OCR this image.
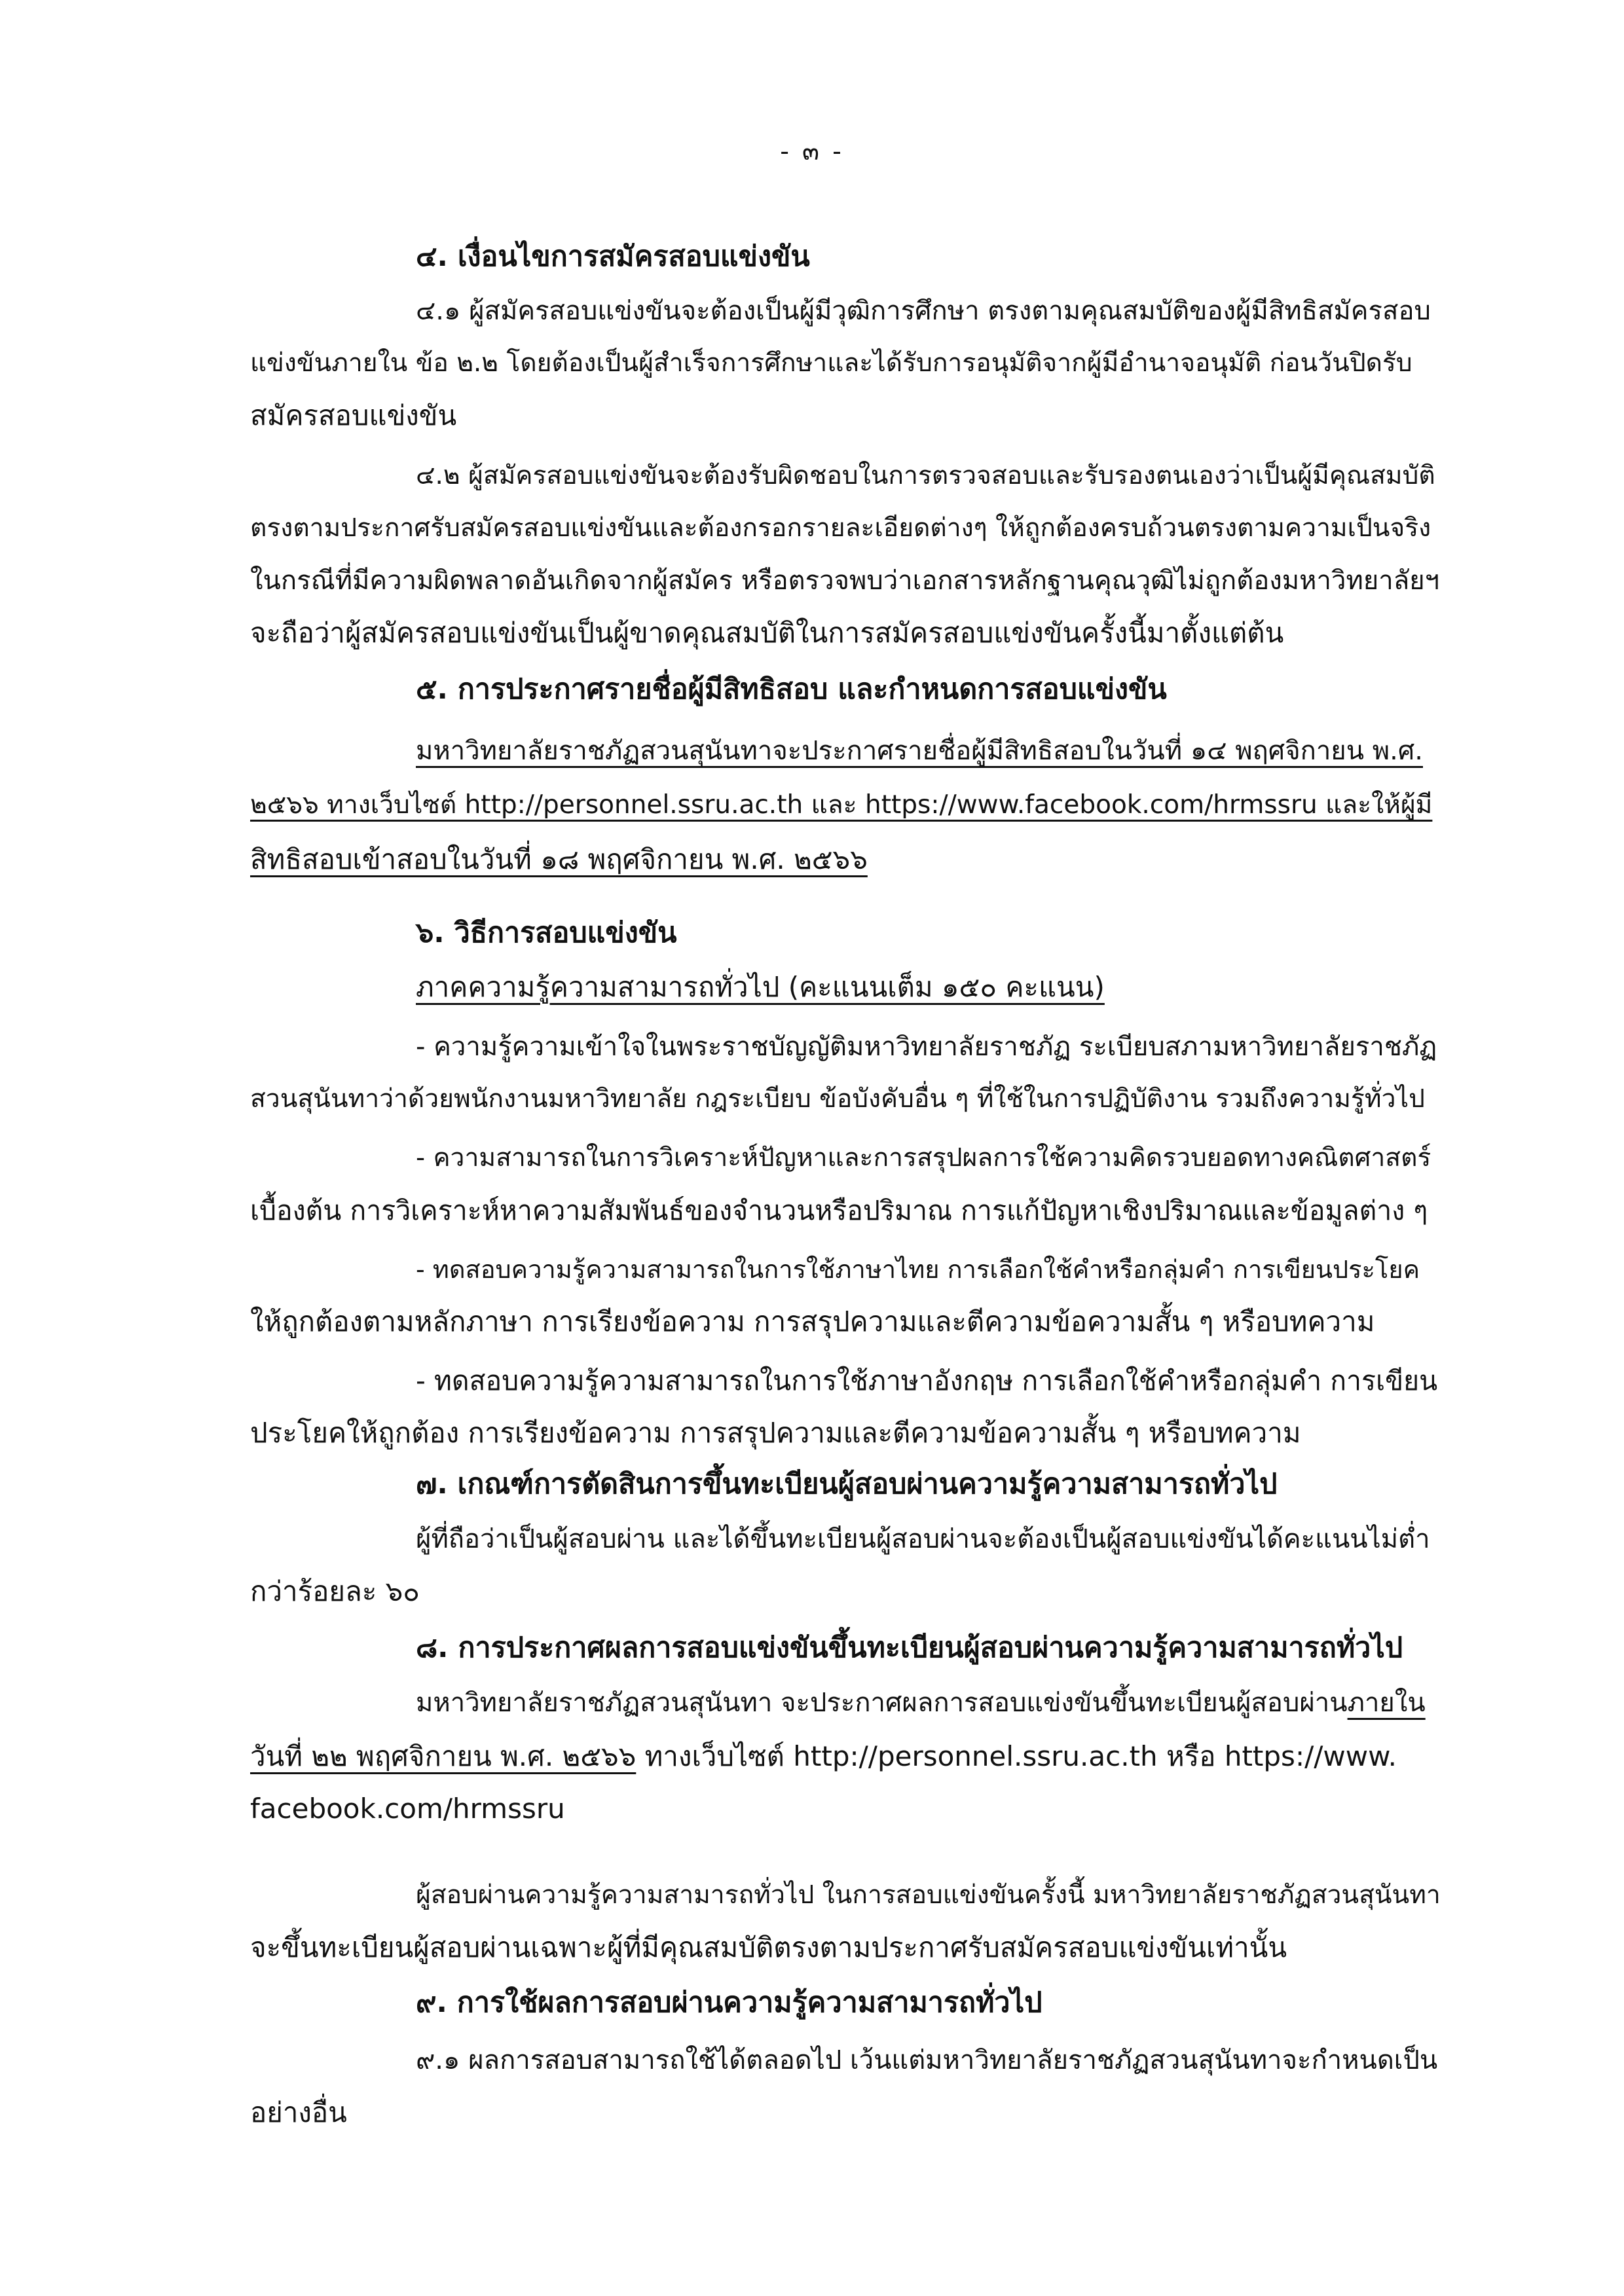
- ๓ -
๔. เงื่อนไขการสมัครสอบแข่งขัน
๔.๑ ผู้สมัครสอบแข่งขันจะต้องเป็นผู้มีวุฒิการศึกษา ตรงตามคุณสมบัติของผู้มีสิทธิสมัครสอบ
แข่งขันภายใน ข้อ ๒.๒ โดยต้องเป็นผู้สำเร็จการศึกษาและได้รับการอนุมัติจากผู้มีอำนาจอนุมัติ ก่อนวันปิดรับ
สมัครสอบแข่งขัน
๔.๒ ผู้สมัครสอบแข่งขันจะต้องรับผิดชอบในการตรวจสอบและรับรองตนเองว่าเป็นผู้มีคุณสมบัติ
ตรงตามประกาศรับสมัครสอบแข่งขันและต้องกรอกรายละเอียดต่างๆ ให้ถูกต้องครบถ้วนตรงตามความเป็นจริง
ในกรณีที่มีความผิดพลาดอันเกิดจากผู้สมัคร หรือตรวจพบว่าเอกสารหลักฐานคุณวุฒิไม่ถูกต้องมหาวิทยาลัยฯ
จะถือว่าผู้สมัครสอบแข่งขันเป็นผู้ขาดคุณสมบัติในการสมัครสอบแข่งขันครั้งนี้มาตั้งแต่ต้น
๕. การประกาศรายชื่อผู้มีสิทธิสอบ และกำหนดการสอบแข่งขัน
มหาวิทยาลัยราชภัฏสวนสุนันทาจะประกาศรายชื่อผู้มีสิทธิสอบในวันที่ ๑๔ พฤศจิกายน พ.ศ.
๒๕๖๖ ทางเว็บไซต์ http://personnel.ssru.ac.th และ https://www.facebook.com/hrmssru และให้ผู้มี
สิทธิสอบเข้าสอบในวันที่ ๑๘ พฤศจิกายน พ.ศ. ๒๕๖๖
๖. วิธีการสอบแข่งขัน
ภาคความรู้ความสามารถทั่วไป (คะแนนเต็ม ๑๕๐ คะแนน)
- ความรู้ความเข้าใจในพระราชบัญญัติมหาวิทยาลัยราชภัฏ ระเบียบสภามหาวิทยาลัยราชภัฏ
สวนสุนันทาว่าด้วยพนักงานมหาวิทยาลัย กฎระเบียบ ข้อบังคับอื่น ๆ ที่ใช้ในการปฏิบัติงาน รวมถึงความรู้ทั่วไป
- ความสามารถในการวิเคราะห์ปัญหาและการสรุปผลการใช้ความคิดรวบยอดทางคณิตศาสตร์
เบื้องต้น การวิเคราะห์หาความสัมพันธ์ของจำนวนหรือปริมาณ การแก้ปัญหาเชิงปริมาณและข้อมูลต่าง ๆ
- ทดสอบความรู้ความสามารถในการใช้ภาษาไทย การเลือกใช้คำหรือกลุ่มคำ การเขียนประโยค
ให้ถูกต้องตามหลักภาษา การเรียงข้อความ การสรุปความและตีความข้อความสั้น ๆ หรือบทความ
- ทดสอบความรู้ความสามารถในการใช้ภาษาอังกฤษ การเลือกใช้คำหรือกลุ่มคำ การเขียน
ประโยคให้ถูกต้อง การเรียงข้อความ การสรุปความและตีความข้อความสั้น ๆ หรือบทความ
๗. เกณฑ์การตัดสินการขึ้นทะเบียนผู้สอบผ่านความรู้ความสามารถทั่วไป
ผู้ที่ถือว่าเป็นผู้สอบผ่าน และได้ขึ้นทะเบียนผู้สอบผ่านจะต้องเป็นผู้สอบแข่งขันได้คะแนนไม่ต่ำ
กว่าร้อยละ ๖๐
๘. การประกาศผลการสอบแข่งขันขึ้นทะเบียนผู้สอบผ่านความรู้ความสามารถทั่วไป
มหาวิทยาลัยราชภัฏสวนสุนันทา จะประกาศผลการสอบแข่งขันขึ้นทะเบียนผู้สอบผ่านภายใน
วันที่ ๒๒ พฤศจิกายน พ.ศ. ๒๕๖๖ ทางเว็บไซต์ http://personnel.ssru.ac.th หรือ https://www.
facebook.com/hrmssru
ผู้สอบผ่านความรู้ความสามารถทั่วไป ในการสอบแข่งขันครั้งนี้ มหาวิทยาลัยราชภัฏสวนสุนันทา
จะขึ้นทะเบียนผู้สอบผ่านเฉพาะผู้ที่มีคุณสมบัติตรงตามประกาศรับสมัครสอบแข่งขันเท่านั้น
๙. การใช้ผลการสอบผ่านความรู้ความสามารถทั่วไป
๙.๑ ผลการสอบสามารถใช้ได้ตลอดไป เว้นแต่มหาวิทยาลัยราชภัฏสวนสุนันทาจะกำหนดเป็น
อย่างอื่น
